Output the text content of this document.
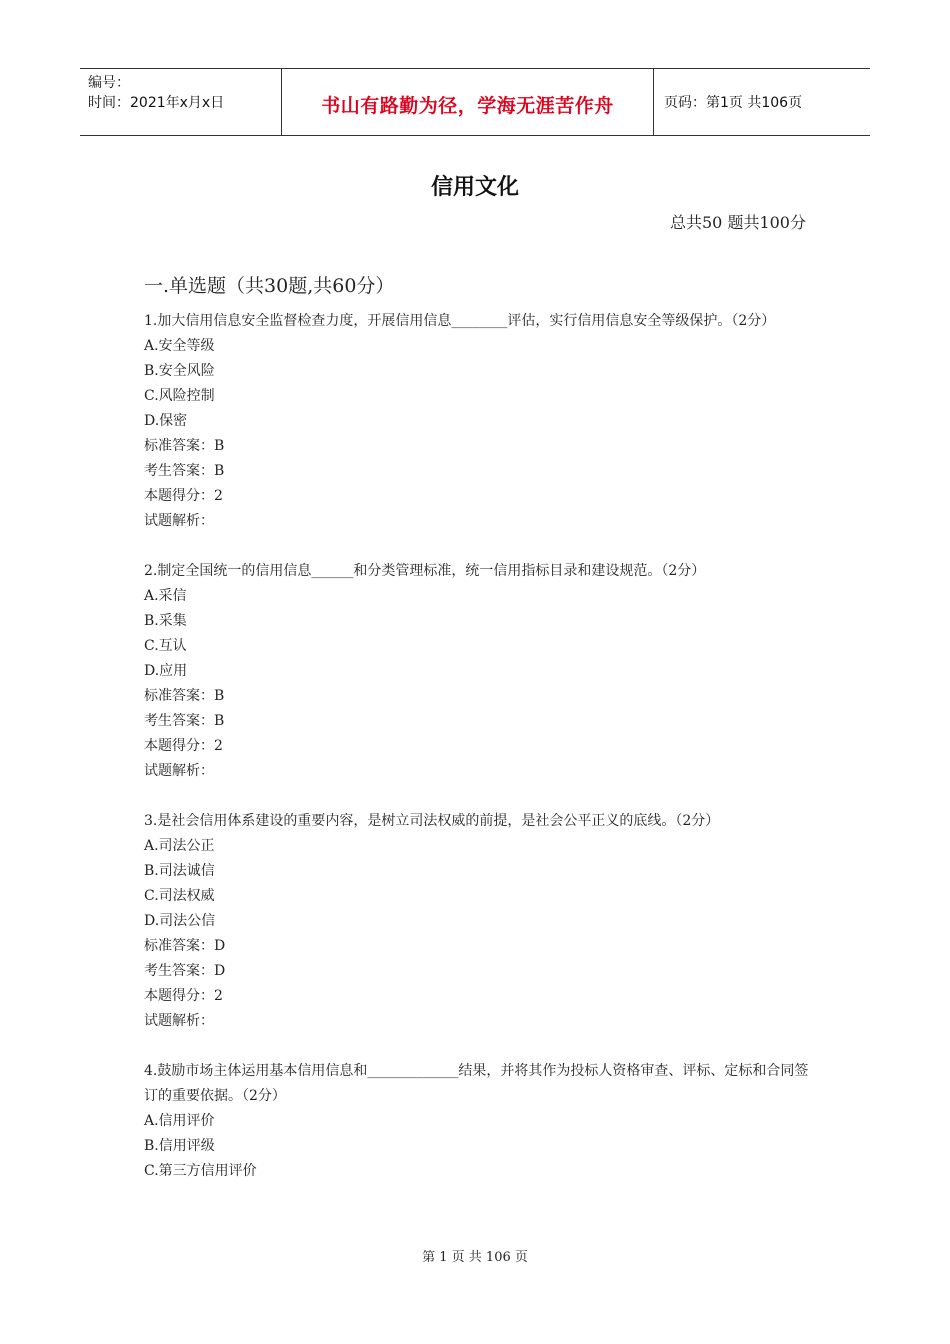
编号：
时间：2021年x月x日	书山有路勤为径，学海无涯苦作舟	页码：第1页 共106页
信用文化
总共50 题共100分
一.单选题（共30题,共60分）

1.加大信用信息安全监督检查力度，开展信用信息________评估，实行信用信息安全等级保护。（2分）

A.安全等级

B.安全风险

C.风险控制

D.保密

标准答案：B

考生答案：B

本题得分：2

试题解析：

2.制定全国统一的信用信息______和分类管理标准，统一信用指标目录和建设规范。（2分）

A.采信

B.采集

C.互认

D.应用

标准答案：B

考生答案：B

本题得分：2

试题解析：

3.是社会信用体系建设的重要内容，是树立司法权威的前提，是社会公平正义的底线。（2分）

A.司法公正

B.司法诚信

C.司法权威

D.司法公信

标准答案：D

考生答案：D

本题得分：2

试题解析：

4.鼓励市场主体运用基本信用信息和_____________结果，并将其作为投标人资格审查、评标、定标和合同签订的重要依据。（2分）

A.信用评价

B.信用评级

C.第三方信用评价

第 1 页 共 106 页
